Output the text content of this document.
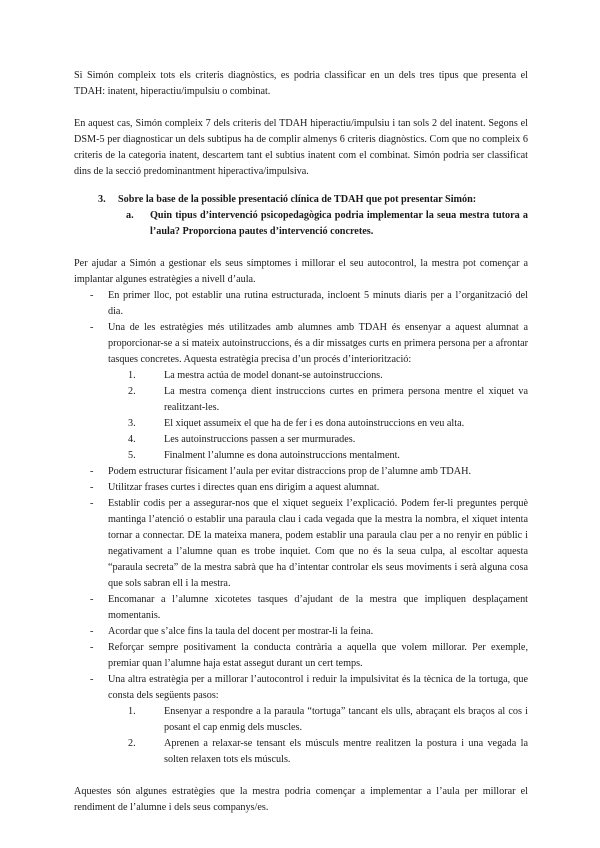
Si Simón compleix tots els criteris diagnòstics, es podria classificar en un dels tres tipus que presenta el TDAH: inatent, hiperactiu/impulsiu o combinat.

En aquest cas, Simón compleix 7 dels criteris del TDAH hiperactiu/impulsiu i tan sols 2 del inatent. Segons el DSM-5 per diagnosticar un dels subtipus ha de complir almenys 6 criteris diagnòstics. Com que no compleix 6 criteris de la categoria inatent, descartem tant el subtius inatent com el combinat. Simón podria ser classificat dins de la secció predominantment hiperactiva/impulsiva.

3. Sobre la base de la possible presentació clínica de TDAH que pot presentar Simón:
a. Quin tipus d’intervenció psicopedagògica podria implementar la seua mestra tutora a l’aula? Proporciona pautes d’intervenció concretes.

Per ajudar a Simón a gestionar els seus símptomes i millorar el seu autocontrol, la mestra pot començar a implantar algunes estratègies a nivell d’aula.

- En primer lloc, pot establir una rutina estructurada, incloent 5 minuts diaris per a l’organització del dia.
- Una de les estratègies més utilitzades amb alumnes amb TDAH és ensenyar a aquest alumnat a proporcionar-se a si mateix autoinstruccions, és a dir missatges curts en primera persona per a afrontar tasques concretes. Aquesta estratègia precisa d’un procés d’interiorització:
1.	La mestra actúa de model donant-se autoinstruccions.
2.	La mestra comença dient instruccions curtes en primera persona mentre el xiquet va realitzant-les.
3.	El xiquet assumeix el que ha de fer i es dona autoinstruccions en veu alta.
4.	Les autoinstruccions passen a ser murmurades.
5.	Finalment l’alumne es dona autoinstruccions mentalment.
- Podem estructurar físicament l’aula per evitar distraccions prop de l’alumne amb TDAH.
- Utilitzar frases curtes i directes quan ens dirigim a aquest alumnat.
- Establir codis per a assegurar-nos que el xiquet segueix l’explicació. Podem fer-li preguntes perquè mantinga l’atenció o establir una paraula clau i cada vegada que la mestra la nombra, el xiquet intenta tornar a connectar. DE la mateixa manera, podem establir una paraula clau per a no renyir en públic i negativament a l’alumne quan es trobe inquiet. Com que no és la seua culpa, al escoltar aquesta “paraula secreta” de la mestra sabrà que ha d’intentar controlar els seus moviments i serà alguna cosa que sols sabran ell i la mestra.
- Encomanar a l’alumne xicotetes tasques d’ajudant de la mestra que impliquen desplaçament momentanis.
- Acordar que s’alce fins la taula del docent per mostrar-li la feina.
- Reforçar sempre positivament la conducta contrària a aquella que volem millorar. Per exemple, premiar quan l’alumne haja estat assegut durant un cert temps.
- Una altra estratègia per a millorar l’autocontrol i reduir la impulsivitat és la tècnica de la tortuga, que consta dels següents pasos:
1.	Ensenyar a respondre a la paraula “tortuga” tancant els ulls, abraçant els braços al cos i posant el cap enmig dels muscles.
2.	Aprenen a relaxar-se tensant els músculs mentre realitzen la postura i una vegada la solten relaxen tots els músculs.

Aquestes són algunes estratègies que la mestra podria començar a implementar a l’aula per millorar el rendiment de l’alumne i dels seus companys/es.
